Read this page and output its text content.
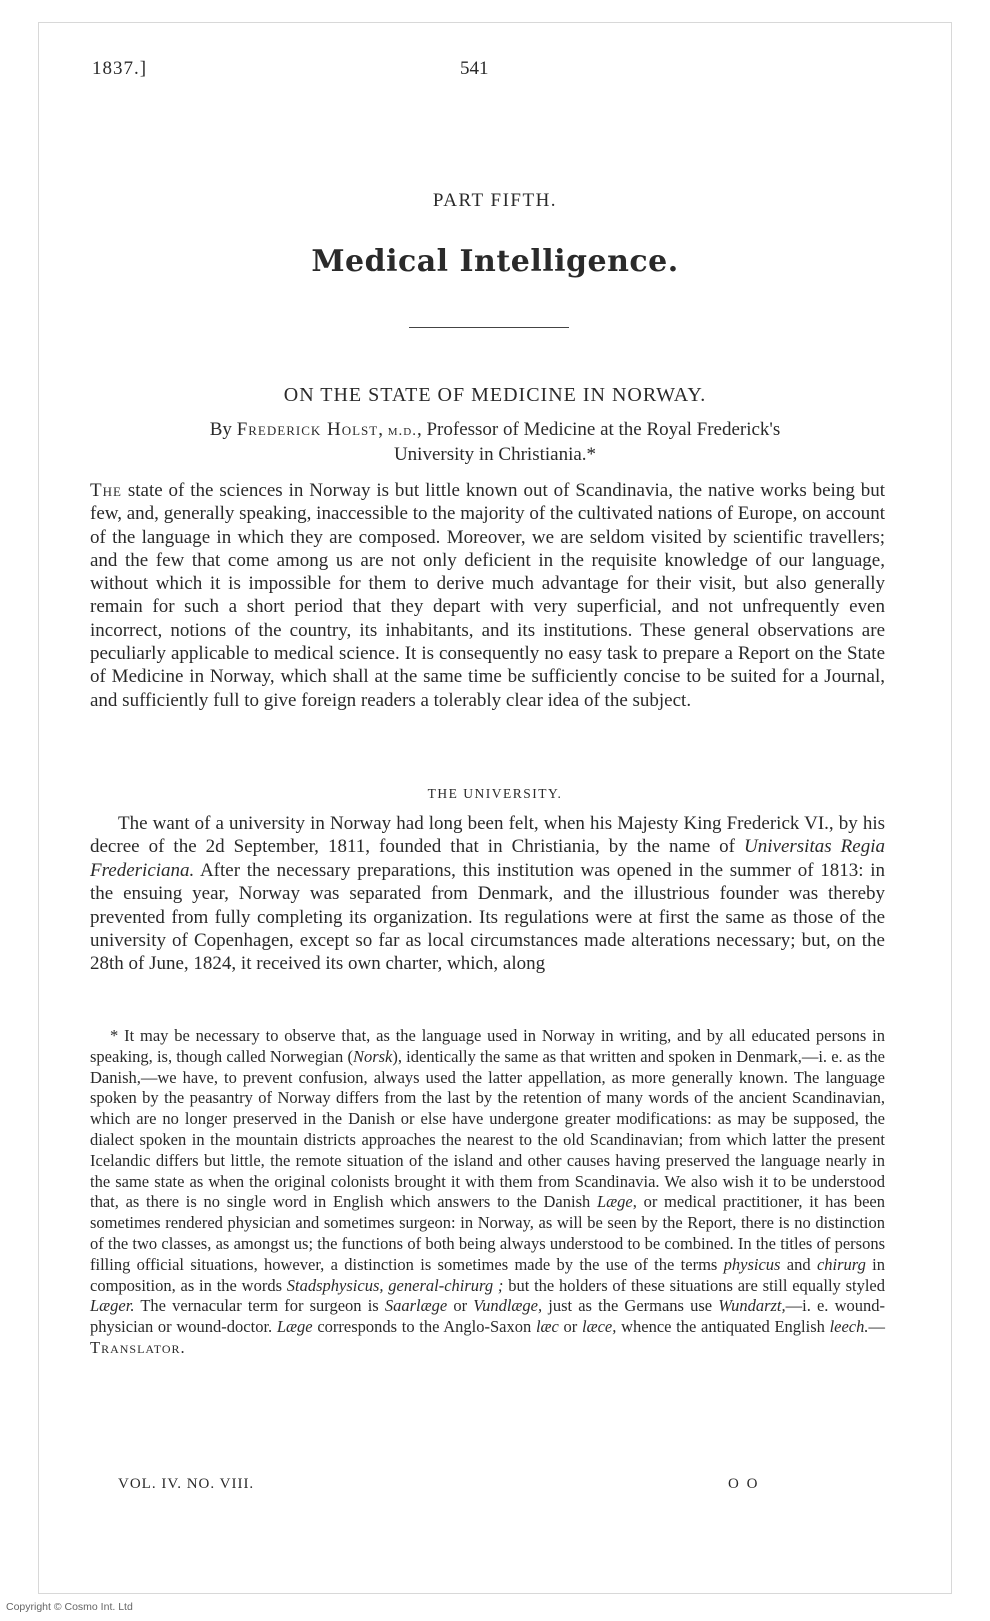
1837.]	541
PART FIFTH.
Medical Intelligence.
ON THE STATE OF MEDICINE IN NORWAY.
By Frederick Holst, m.d., Professor of Medicine at the Royal Frederick's
University in Christiania.*

The state of the sciences in Norway is but little known out of Scandinavia, the native works being but few, and, generally speaking, inaccessible to the majority of the cultivated nations of Europe, on account of the language in which they are composed. Moreover, we are seldom visited by scientific travellers; and the few that come among us are not only deficient in the requisite knowledge of our language, without which it is impossible for them to derive much advantage for their visit, but also generally remain for such a short period that they depart with very superficial, and not unfrequently even incorrect, notions of the country, its inhabitants, and its institutions. These general observations are peculiarly applicable to medical science. It is consequently no easy task to prepare a Report on the State of Medicine in Norway, which shall at the same time be sufficiently concise to be suited for a Journal, and sufficiently full to give foreign readers a tolerably clear idea of the subject.

THE UNIVERSITY.

The want of a university in Norway had long been felt, when his Majesty King Frederick VI., by his decree of the 2d September, 1811, founded that in Christiania, by the name of Universitas Regia Fredericiana. After the necessary preparations, this institution was opened in the summer of 1813: in the ensuing year, Norway was separated from Denmark, and the illustrious founder was thereby prevented from fully completing its organization. Its regulations were at first the same as those of the university of Copenhagen, except so far as local circumstances made alterations necessary; but, on the 28th of June, 1824, it received its own charter, which, along

* It may be necessary to observe that, as the language used in Norway in writing, and by all educated persons in speaking, is, though called Norwegian (Norsk), identically the same as that written and spoken in Denmark,—i. e. as the Danish,—we have, to prevent confusion, always used the latter appellation, as more generally known. The language spoken by the peasantry of Norway differs from the last by the retention of many words of the ancient Scandinavian, which are no longer preserved in the Danish or else have undergone greater modifications: as may be supposed, the dialect spoken in the mountain districts approaches the nearest to the old Scandinavian; from which latter the present Icelandic differs but little, the remote situation of the island and other causes having preserved the language nearly in the same state as when the original colonists brought it with them from Scandinavia. We also wish it to be understood that, as there is no single word in English which answers to the Danish Læge, or medical practitioner, it has been sometimes rendered physician and sometimes surgeon: in Norway, as will be seen by the Report, there is no distinction of the two classes, as amongst us; the functions of both being always understood to be combined. In the titles of persons filling official situations, however, a distinction is sometimes made by the use of the terms physicus and chirurg in composition, as in the words Stadsphysicus, general-chirurg ; but the holders of these situations are still equally styled Læger. The vernacular term for surgeon is Saarlæge or Vundlæge, just as the Germans use Wundarzt,—i. e. wound-physician or wound-doctor. Læge corresponds to the Anglo-Saxon læc or læce, whence the antiquated English leech.—Translator.

VOL. IV. NO. VIII.	O O
Copyright © Cosmo Int. Ltd
